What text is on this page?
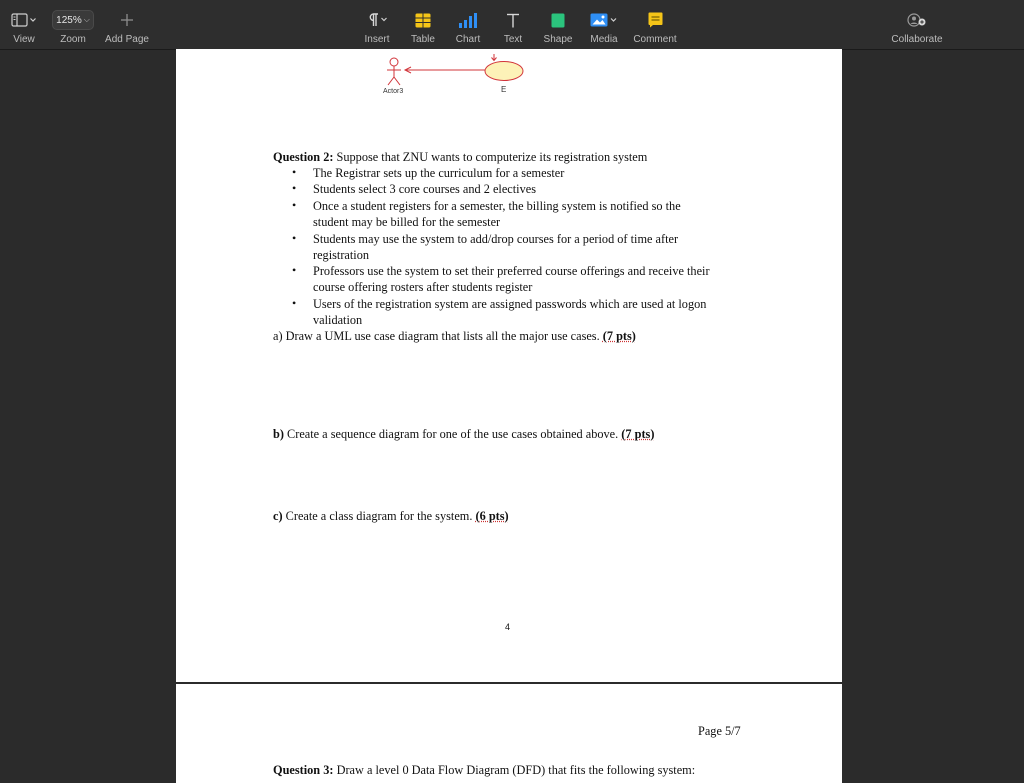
View
125% ⌵
Zoom	Add Page	Insert	Table	Chart	Text	Shape	Media	Comment	Collaborate
Actor3	E
Question 2: Suppose that ZNU wants to computerize its registration system
• The Registrar sets up the curriculum for a semester
• Students select 3 core courses and 2 electives
• Once a student registers for a semester, the billing system is notified so the
student may be billed for the semester
• Students may use the system to add/drop courses for a period of time after
registration
• Professors use the system to set their preferred course offerings and receive their
course offering rosters after students register
• Users of the registration system are assigned passwords which are used at logon
validation
a) Draw a UML use case diagram that lists all the major use cases. (7 pts)
b) Create a sequence diagram for one of the use cases obtained above. (7 pts)
c) Create a class diagram for the system. (6 pts)
4
Page 5/7
Question 3: Draw a level 0 Data Flow Diagram (DFD) that fits the following system:
